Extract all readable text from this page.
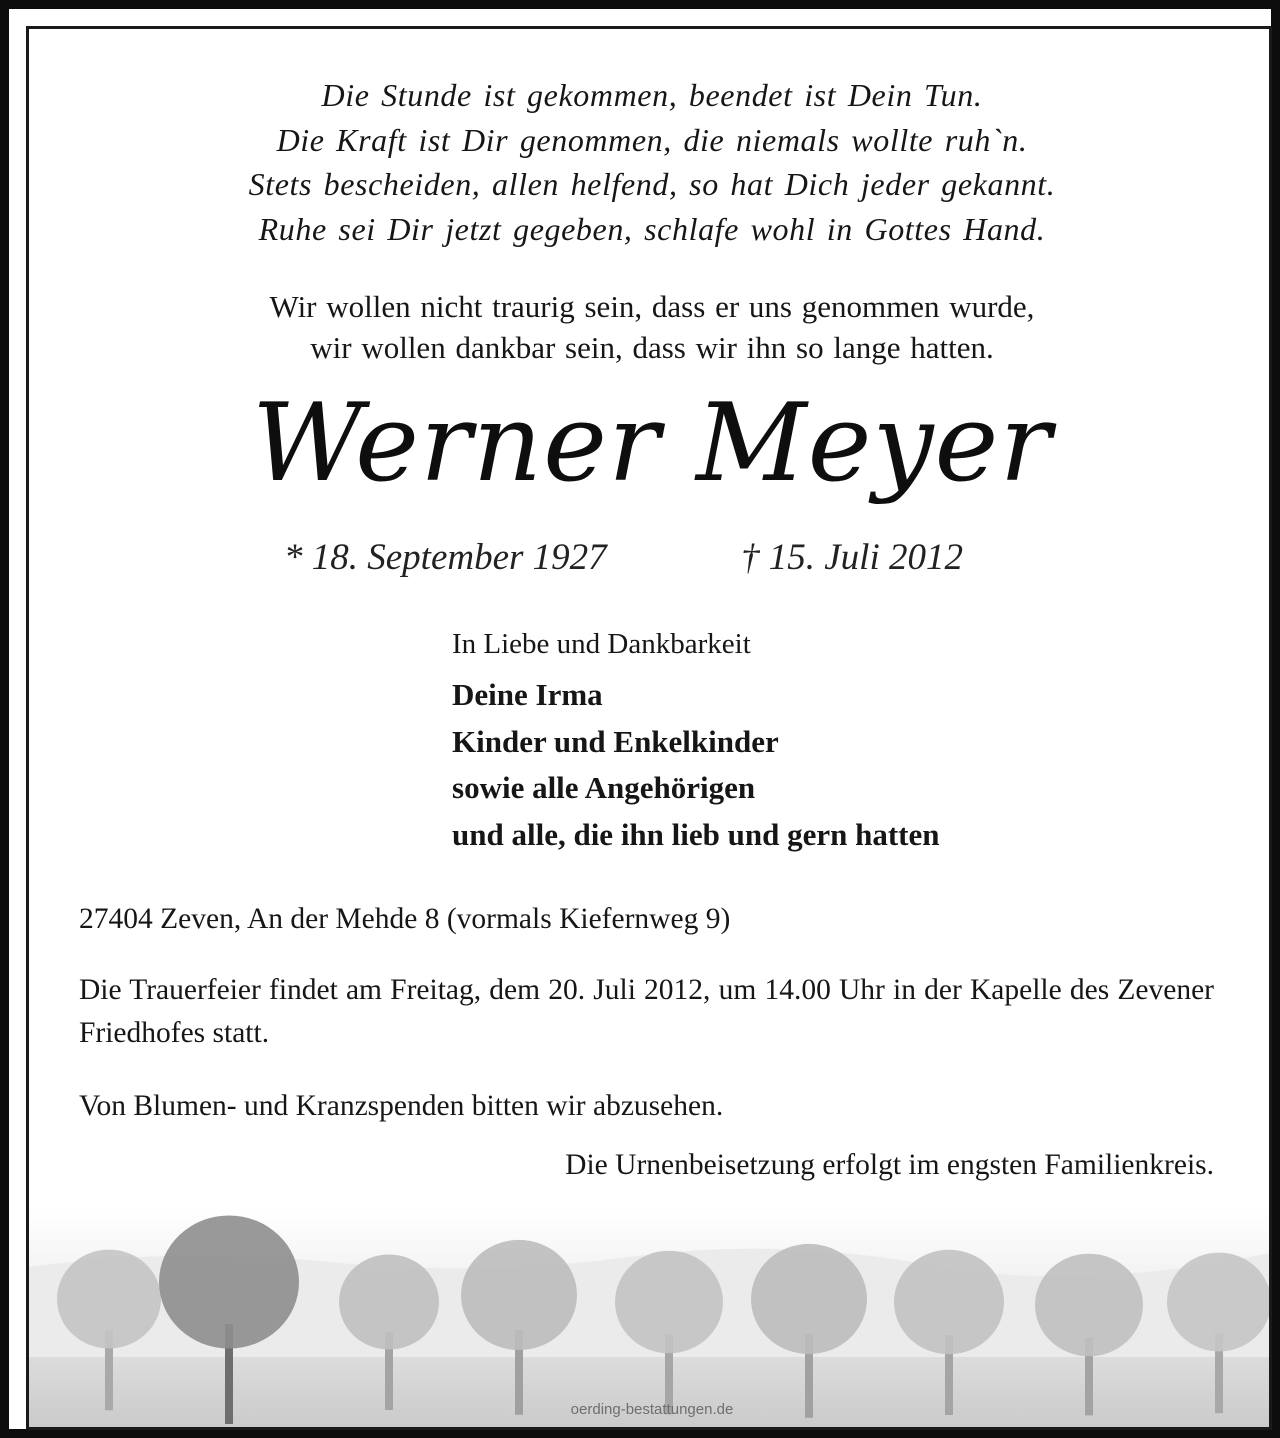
Die Stunde ist gekommen, beendet ist Dein Tun.
Die Kraft ist Dir genommen, die niemals wollte ruh`n.
Stets bescheiden, allen helfend, so hat Dich jeder gekannt.
Ruhe sei Dir jetzt gegeben, schlafe wohl in Gottes Hand.
Wir wollen nicht traurig sein, dass er uns genommen wurde,
wir wollen dankbar sein, dass wir ihn so lange hatten.
Werner Meyer
* 18. September 1927	† 15. Juli 2012
In Liebe und Dankbarkeit
Deine Irma
Kinder und Enkelkinder
sowie alle Angehörigen
und alle, die ihn lieb und gern hatten
27404 Zeven, An der Mehde 8 (vormals Kiefernweg 9)
Die Trauerfeier findet am Freitag, dem 20. Juli 2012, um 14.00 Uhr in der Kapelle des Zevener Friedhofes statt.
Von Blumen- und Kranzspenden bitten wir abzusehen.
Die Urnenbeisetzung erfolgt im engsten Familienkreis.
oerding-bestattungen.de
